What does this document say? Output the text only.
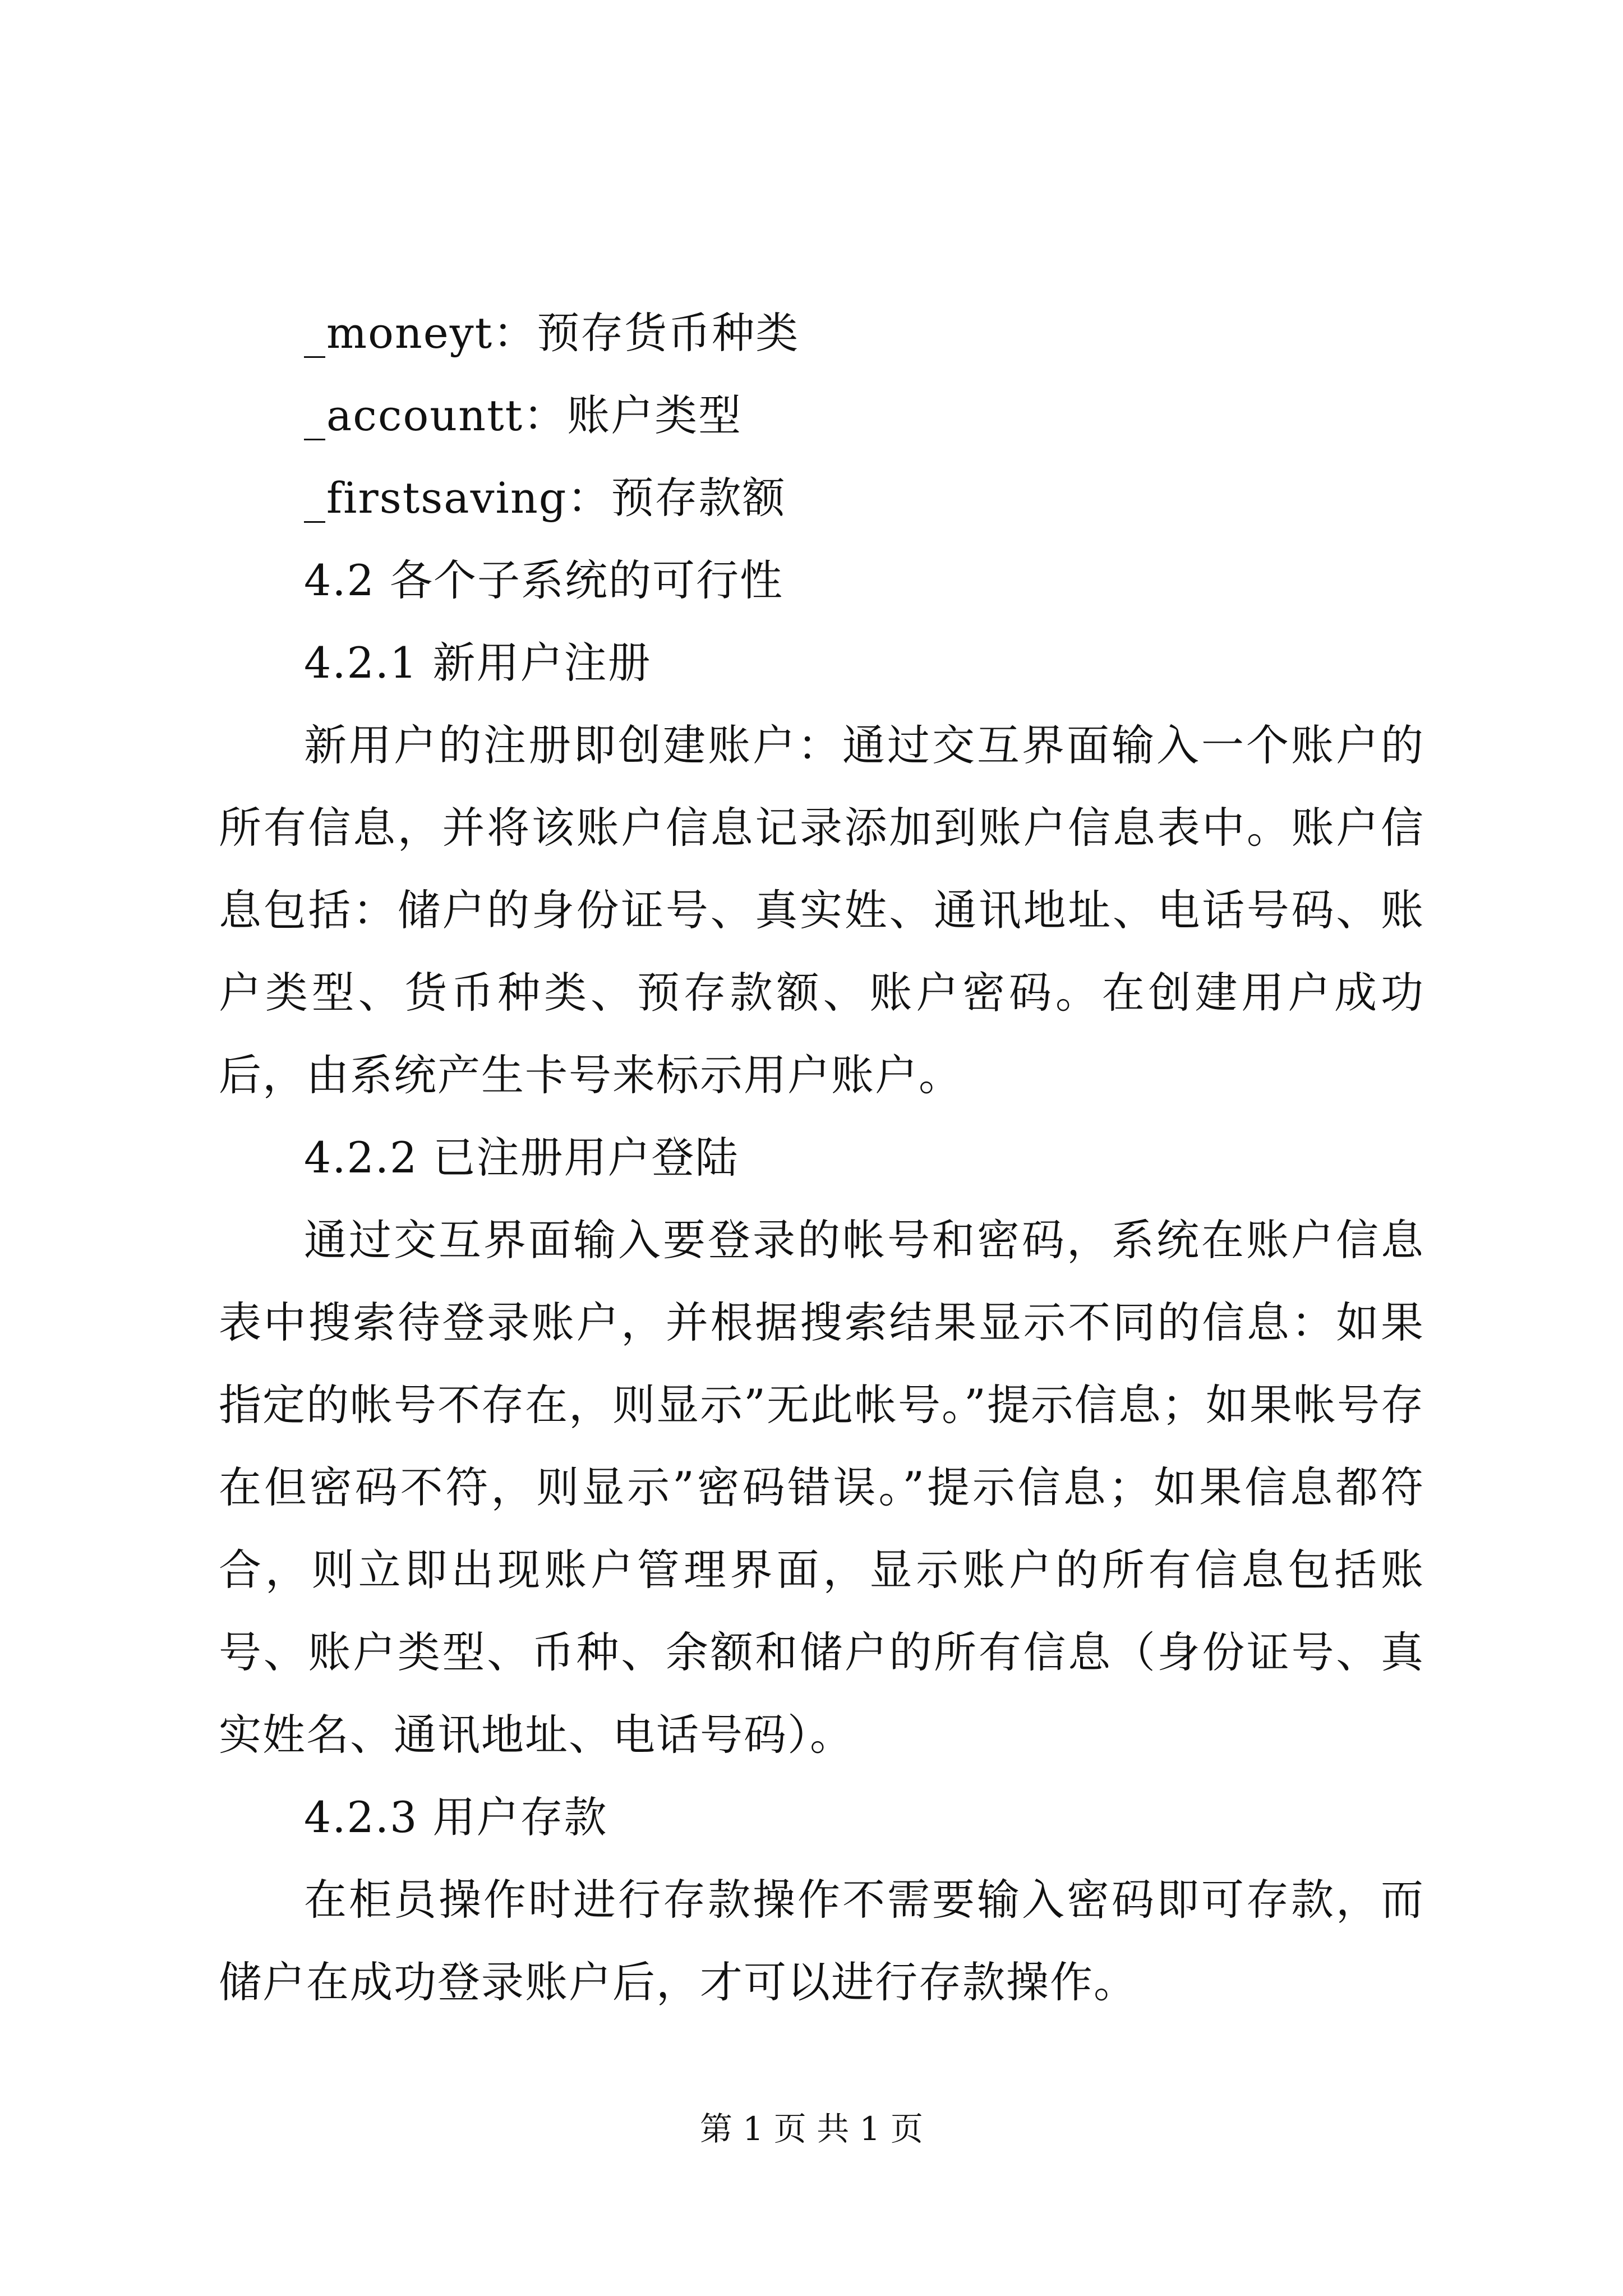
_moneyt：预存货币种类
_accountt：账户类型
_firstsaving：预存款额
4.2 各个子系统的可行性
4.2.1 新用户注册

新用户的注册即创建账户：通过交互界面输入一个账户的所有信息，并将该账户信息记录添加到账户信息表中。账户信息包括：储户的身份证号、真实姓、通讯地址、电话号码、账户类型、货币种类、预存款额、账户密码。在创建用户成功后，由系统产生卡号来标示用户账户。

4.2.2 已注册用户登陆

通过交互界面输入要登录的帐号和密码，系统在账户信息表中搜索待登录账户，并根据搜索结果显示不同的信息：如果指定的帐号不存在，则显示”无此帐号。”提示信息；如果帐号存在但密码不符，则显示”密码错误。”提示信息；如果信息都符合，则立即出现账户管理界面，显示账户的所有信息包括账号、账户类型、币种、余额和储户的所有信息（身份证号、真实姓名、通讯地址、电话号码）。

4.2.3 用户存款

在柜员操作时进行存款操作不需要输入密码即可存款，而储户在成功登录账户后，才可以进行存款操作。

第 1 页 共 1 页
